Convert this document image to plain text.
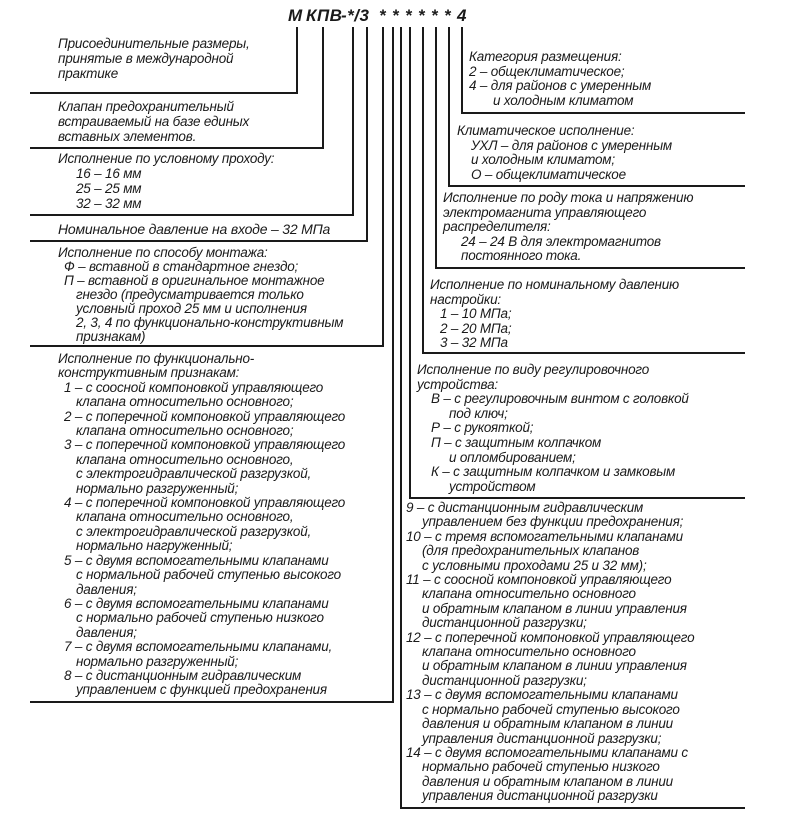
М КПВ
-*/3 * * * * * * 4
Присоединительные размеры,
принятые в международной
практике
Клапан предохранительный
встраиваемый на базе единых
вставных элементов.
Исполнение по условному проходу:
16 – 16 мм
25 – 25 мм
32 – 32 мм
Номинальное давление на входе – 32 МПа
Исполнение по способу монтажа:
Ф – вставной в стандартное гнездо;
П – вставной в оригинальное монтажное
гнездо (предусматривается только
условный проход 25 мм и исполнения
2, 3, 4 по функционально-конструктивным
признакам)
Исполнение по функционально-
конструктивным признакам:
1 – с соосной компоновкой управляющего
клапана относительно основного;
2 – с поперечной компоновкой управляющего
клапана относительно основного;
3 – с поперечной компоновкой управляющего
клапана относительно основного,
с электрогидравлической разгрузкой,
нормально разгруженный;
4 – с поперечной компоновкой управляющего
клапана относительно основного,
с электрогидравлической разгрузкой,
нормально нагруженный;
5 – с двумя вспомогательными клапанами
с нормальной рабочей ступенью высокого
давления;
6 – с двумя вспомогательными клапанами
с нормально рабочей ступенью низкого
давления;
7 – с двумя вспомогательными клапанами,
нормально разгруженный;
8 – с дистанционным гидравлическим
управлением с функцией предохранения
Категория размещения:
2 – общеклиматическое;
4 – для районов с умеренным
и холодным климатом
Климатическое исполнение:
УХЛ – для районов с умеренным
и холодным климатом;
О – общеклиматическое
Исполнение по роду тока и напряжению
электромагнита управляющего
распределителя:
24 – 24 В для электромагнитов
постоянного тока.
Исполнение по номинальному давлению
настройки:
1 – 10 МПа;
2 – 20 МПа;
3 – 32 МПа
Исполнение по виду регулировочного
устройства:
В – с регулировочным винтом с головкой
под ключ;
Р – с рукояткой;
П – с защитным колпачком
и опломбированием;
К – с защитным колпачком и замковым
устройством
9 – с дистанционным гидравлическим
управлением без функции предохранения;
10 – с тремя вспомогательными клапанами
(для предохранительных клапанов
с условными проходами 25 и 32 мм);
11 – с соосной компоновкой управляющего
клапана относительно основного
и обратным клапаном в линии управления
дистанционной разгрузки;
12 – с поперечной компоновкой управляющего
клапана относительно основного
и обратным клапаном в линии управления
дистанционной разгрузки;
13 – с двумя вспомогательными клапанами
с нормально рабочей ступенью высокого
давления и обратным клапаном в линии
управления дистанционной разгрузки;
14 – с двумя вспомогательными клапанами с
нормально рабочей ступенью низкого
давления и обратным клапаном в линии
управления дистанционной разгрузки
